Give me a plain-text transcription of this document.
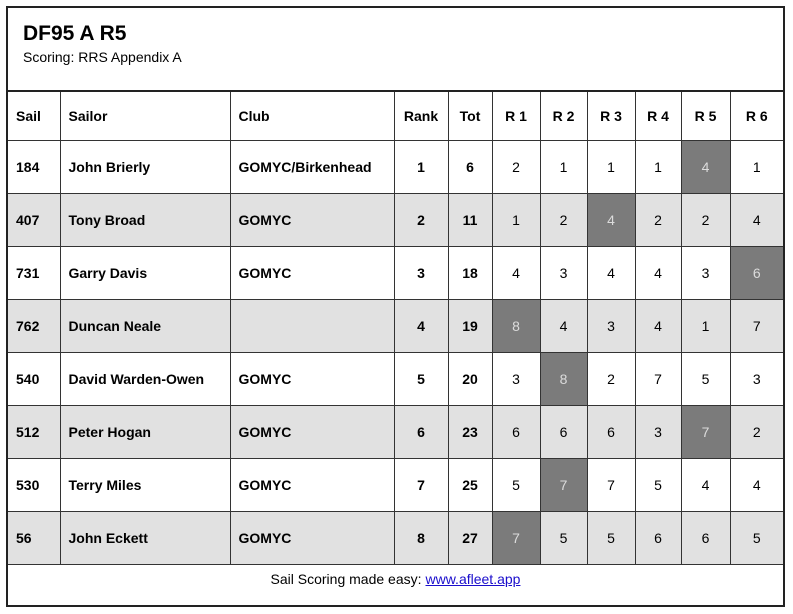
DF95 A R5
Scoring: RRS Appendix A
Sail	Sailor	Club	Rank	Tot	R 1	R 2	R 3	R 4	R 5	R 6
184	John Brierly	GOMYC/Birkenhead	1	6	2	1	1	1	4	1
407	Tony Broad	GOMYC	2	11	1	2	4	2	2	4
731	Garry Davis	GOMYC	3	18	4	3	4	4	3	6
762	Duncan Neale		4	19	8	4	3	4	1	7
540	David Warden-Owen	GOMYC	5	20	3	8	2	7	5	3
512	Peter Hogan	GOMYC	6	23	6	6	6	3	7	2
530	Terry Miles	GOMYC	7	25	5	7	7	5	4	4
56	John Eckett	GOMYC	8	27	7	5	5	6	6	5
Sail Scoring made easy: www.afleet.app
